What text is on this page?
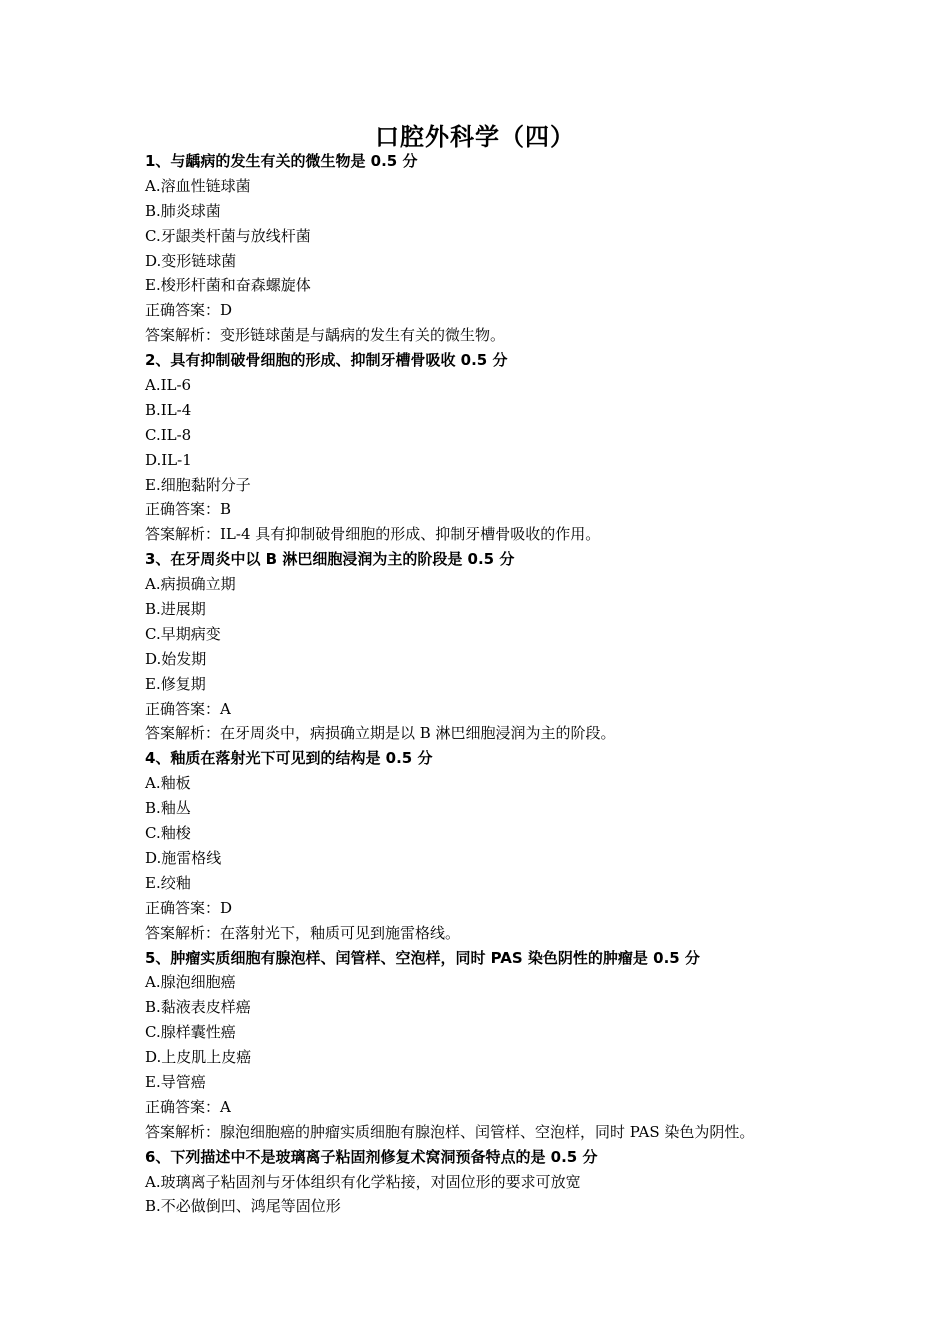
口腔外科学（四）
1、与龋病的发生有关的微生物是 0.5 分
A.溶血性链球菌
B.肺炎球菌
C.牙龈类杆菌与放线杆菌
D.变形链球菌
E.梭形杆菌和奋森螺旋体
正确答案：D
答案解析：变形链球菌是与龋病的发生有关的微生物。
2、具有抑制破骨细胞的形成、抑制牙槽骨吸收 0.5 分
A.IL-6
B.IL-4
C.IL-8
D.IL-1
E.细胞黏附分子
正确答案：B
答案解析：IL-4 具有抑制破骨细胞的形成、抑制牙槽骨吸收的作用。
3、在牙周炎中以 B 淋巴细胞浸润为主的阶段是 0.5 分
A.病损确立期
B.进展期
C.早期病变
D.始发期
E.修复期
正确答案：A
答案解析：在牙周炎中，病损确立期是以 B 淋巴细胞浸润为主的阶段。
4、釉质在落射光下可见到的结构是 0.5 分
A.釉板
B.釉丛
C.釉梭
D.施雷格线
E.绞釉
正确答案：D
答案解析：在落射光下，釉质可见到施雷格线。
5、肿瘤实质细胞有腺泡样、闰管样、空泡样，同时 PAS 染色阴性的肿瘤是 0.5 分
A.腺泡细胞癌
B.黏液表皮样癌
C.腺样囊性癌
D.上皮肌上皮癌
E.导管癌
正确答案：A
答案解析：腺泡细胞癌的肿瘤实质细胞有腺泡样、闰管样、空泡样，同时 PAS 染色为阴性。
6、下列描述中不是玻璃离子粘固剂修复术窝洞预备特点的是 0.5 分
A.玻璃离子粘固剂与牙体组织有化学粘接，对固位形的要求可放宽
B.不必做倒凹、鸿尾等固位形
